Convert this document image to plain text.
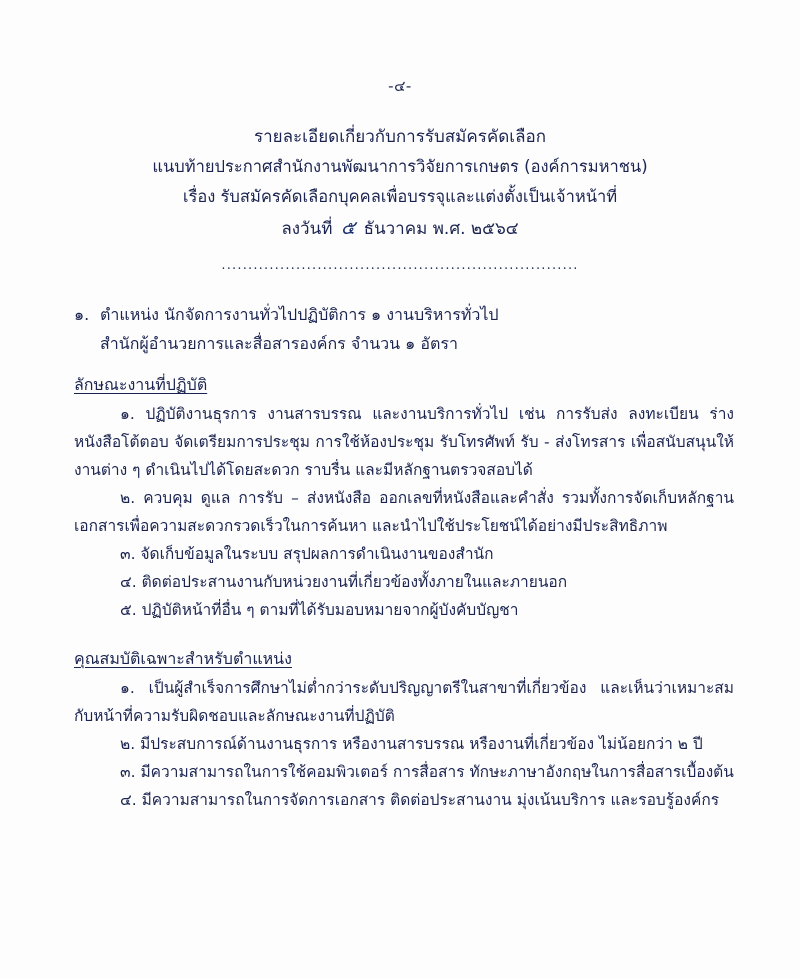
-๔-
รายละเอียดเกี่ยวกับการรับสมัครคัดเลือก
แนบท้ายประกาศสำนักงานพัฒนาการวิจัยการเกษตร (องค์การมหาชน)
เรื่อง รับสมัครคัดเลือกบุคคลเพื่อบรรจุและแต่งตั้งเป็นเจ้าหน้าที่
ลงวันที่ ๕ ธันวาคม พ.ศ. ๒๕๖๔
...................................................................
๑. ตำแหน่ง นักจัดการงานทั่วไปปฏิบัติการ ๑ งานบริหารทั่วไป
สำนักผู้อำนวยการและสื่อสารองค์กร จำนวน ๑ อัตรา
ลักษณะงานที่ปฏิบัติ

๑. ปฏิบัติงานธุรการ งานสารบรรณ และงานบริการทั่วไป เช่น การรับส่ง ลงทะเบียน ร่างหนังสือโต้ตอบ จัดเตรียมการประชุม การใช้ห้องประชุม รับโทรศัพท์ รับ - ส่งโทรสาร เพื่อสนับสนุนให้งานต่าง ๆ ดำเนินไปได้โดยสะดวก ราบรื่น และมีหลักฐานตรวจสอบได้

๒. ควบคุม ดูแล การรับ – ส่งหนังสือ ออกเลขที่หนังสือและคำสั่ง รวมทั้งการจัดเก็บหลักฐานเอกสารเพื่อความสะดวกรวดเร็วในการค้นหา และนำไปใช้ประโยชน์ได้อย่างมีประสิทธิภาพ

๓. จัดเก็บข้อมูลในระบบ สรุปผลการดำเนินงานของสำนัก

๔. ติดต่อประสานงานกับหน่วยงานที่เกี่ยวข้องทั้งภายในและภายนอก

๕. ปฏิบัติหน้าที่อื่น ๆ ตามที่ได้รับมอบหมายจากผู้บังคับบัญชา

คุณสมบัติเฉพาะสำหรับตำแหน่ง

๑. เป็นผู้สำเร็จการศึกษาไม่ต่ำกว่าระดับปริญญาตรีในสาขาที่เกี่ยวข้อง และเห็นว่าเหมาะสมกับหน้าที่ความรับผิดชอบและลักษณะงานที่ปฏิบัติ

๒. มีประสบการณ์ด้านงานธุรการ หรืองานสารบรรณ หรืองานที่เกี่ยวข้อง ไม่น้อยกว่า ๒ ปี

๓. มีความสามารถในการใช้คอมพิวเตอร์ การสื่อสาร ทักษะภาษาอังกฤษในการสื่อสารเบื้องต้น

๔. มีความสามารถในการจัดการเอกสาร ติดต่อประสานงาน มุ่งเน้นบริการ และรอบรู้องค์กร
